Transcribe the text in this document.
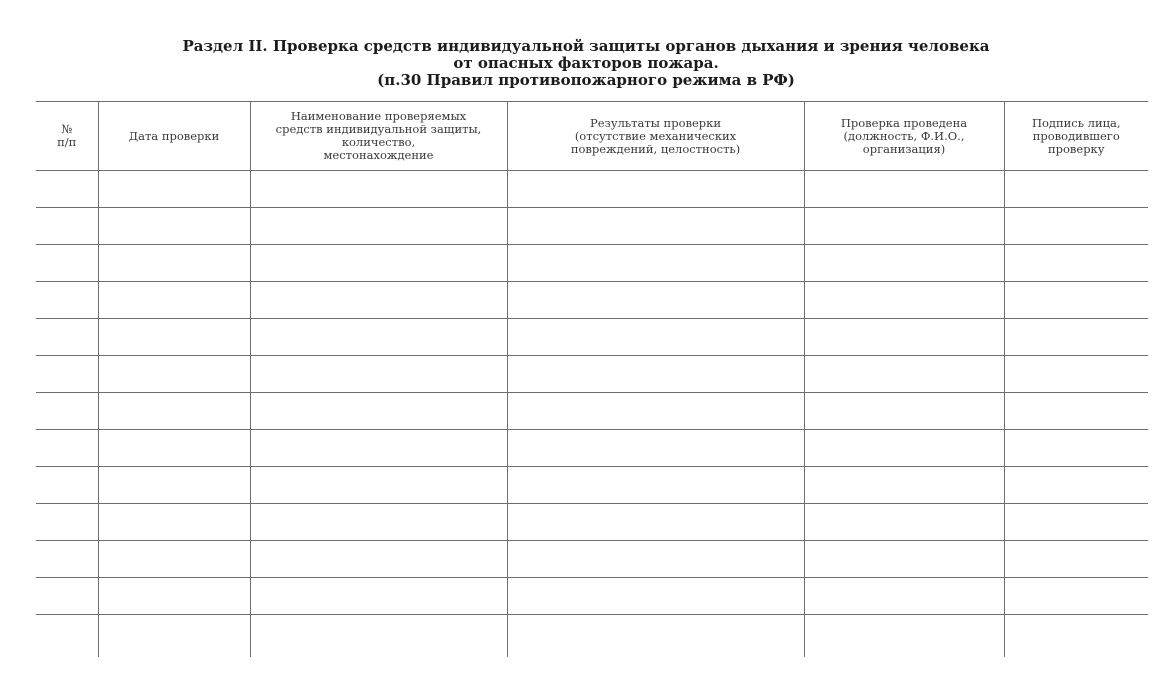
Раздел II. Проверка средств индивидуальной защиты органов дыхания и зрения человека
от опасных факторов пожара.
(п.30 Правил противопожарного режима в РФ)
№
п/п	Дата проверки	Наименование проверяемых
средств индивидуальной защиты,
количество,
местонахождение	Результаты проверки
(отсутствие механических
повреждений, целостность)	Проверка проведена
(должность, Ф.И.О.,
организация)	Подпись лица,
проводившего
проверку
